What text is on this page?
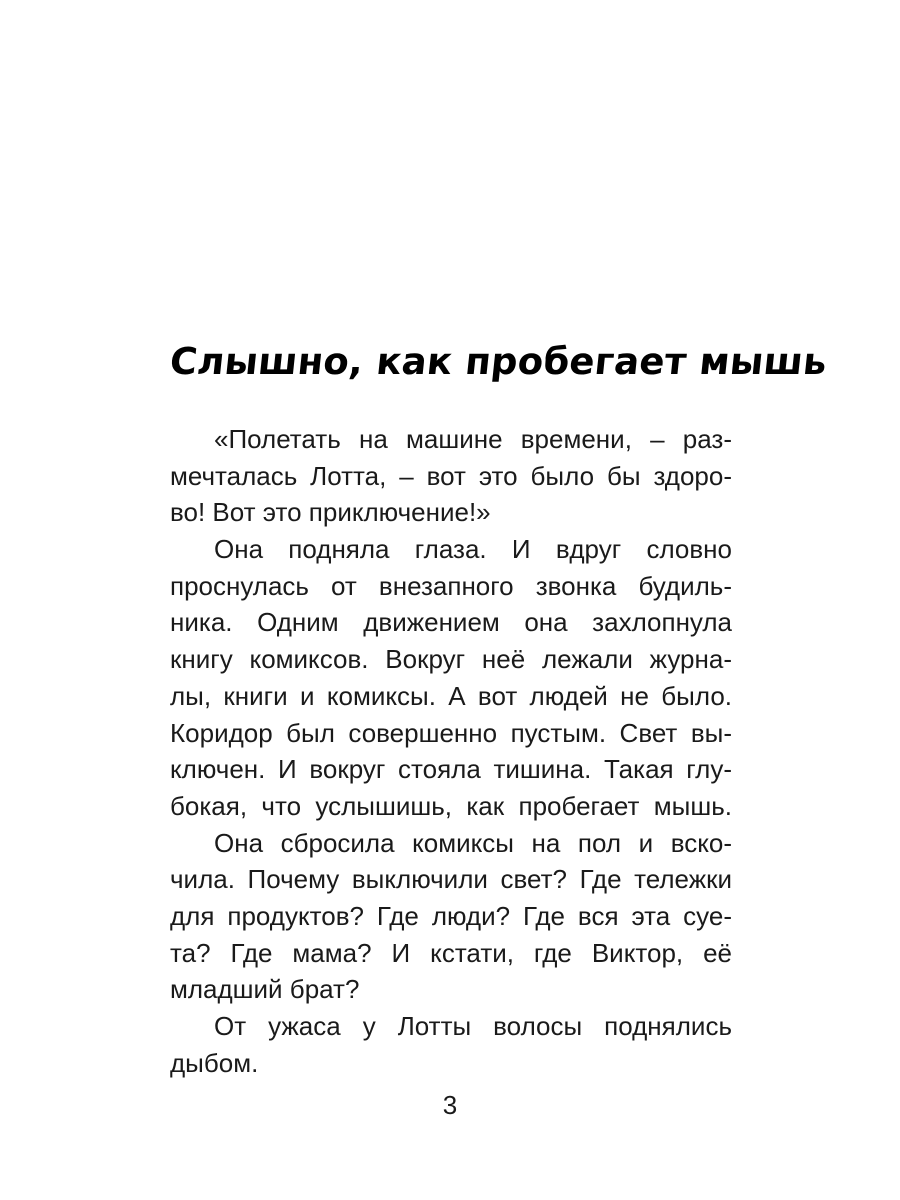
Слышно, как пробегает мышь
«Полетать на машине времени, – раз-
мечталась Лотта, – вот это было бы здоро-
во! Вот это приключение!»
Она подняла глаза. И вдруг словно
проснулась от внезапного звонка будиль-
ника. Одним движением она захлопнула
книгу комиксов. Вокруг неё лежали журна-
лы, книги и комиксы. А вот людей не было.
Коридор был совершенно пустым. Свет вы-
ключен. И вокруг стояла тишина. Такая глу-
бокая, что услышишь, как пробегает мышь.
Она сбросила комиксы на пол и вско-
чила. Почему выключили свет? Где тележки
для продуктов? Где люди? Где вся эта суе-
та? Где мама? И кстати, где Виктор, её
младший брат?
От ужаса у Лотты волосы поднялись
дыбом.
3
